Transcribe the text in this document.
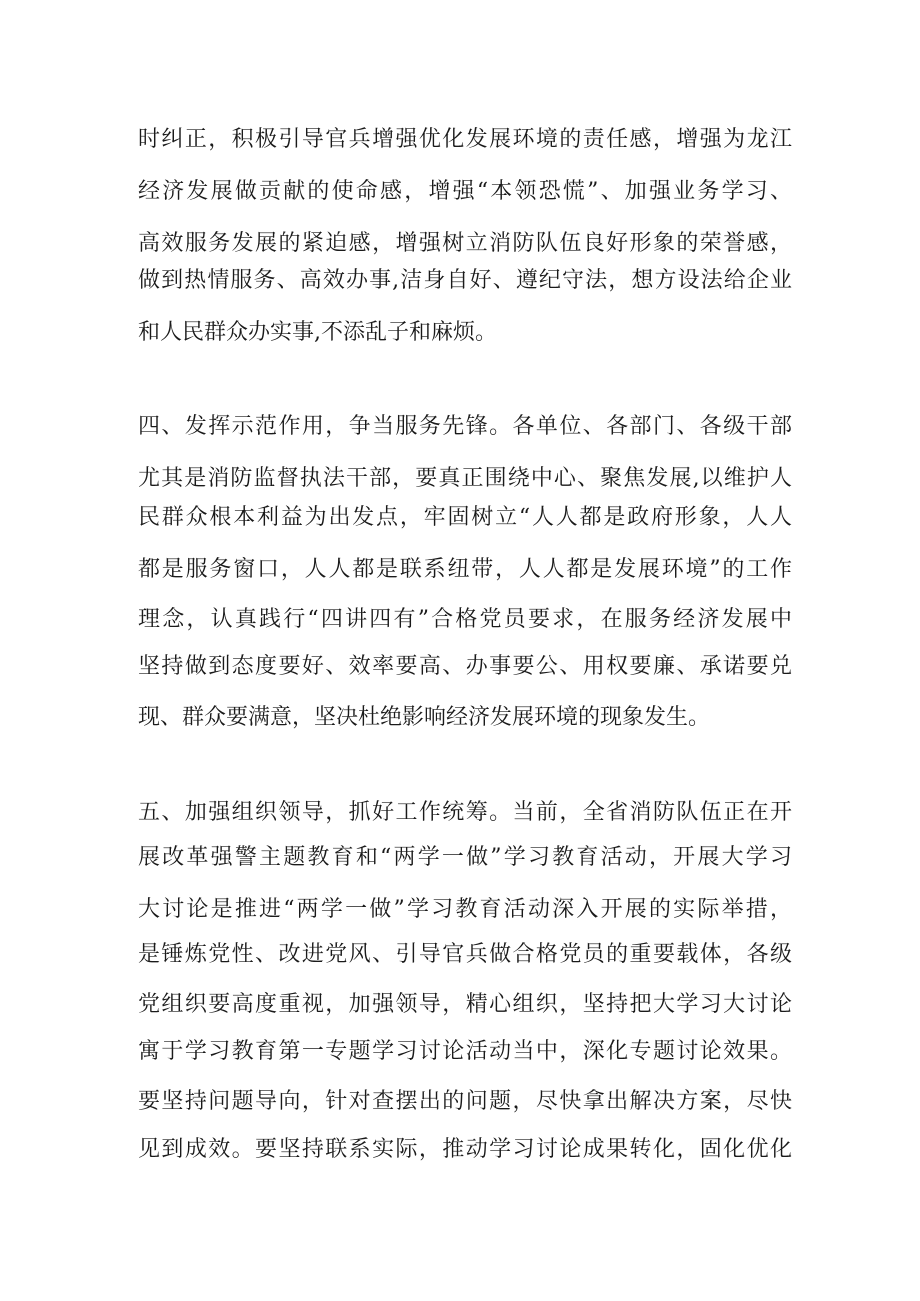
时纠正，积极引导官兵增强优化发展环境的责任感，增强为龙江
经济发展做贡献的使命感，增强“本领恐慌”、加强业务学习、
高效服务发展的紧迫感，增强树立消防队伍良好形象的荣誉感，
做到热情服务、高效办事,洁身自好、遵纪守法，想方设法给企业
和人民群众办实事,不添乱子和麻烦。
四、发挥示范作用，争当服务先锋。各单位、各部门、各级干部
尤其是消防监督执法干部，要真正围绕中心、聚焦发展,以维护人
民群众根本利益为出发点，牢固树立“人人都是政府形象，人人
都是服务窗口，人人都是联系纽带，人人都是发展环境”的工作
理念，认真践行“四讲四有”合格党员要求，在服务经济发展中
坚持做到态度要好、效率要高、办事要公、用权要廉、承诺要兑
现、群众要满意，坚决杜绝影响经济发展环境的现象发生。
五、加强组织领导，抓好工作统筹。当前，全省消防队伍正在开
展改革强警主题教育和“两学一做”学习教育活动，开展大学习
大讨论是推进“两学一做”学习教育活动深入开展的实际举措，
是锤炼党性、改进党风、引导官兵做合格党员的重要载体，各级
党组织要高度重视，加强领导，精心组织，坚持把大学习大讨论
寓于学习教育第一专题学习讨论活动当中，深化专题讨论效果。
要坚持问题导向，针对查摆出的问题，尽快拿出解决方案，尽快
见到成效。要坚持联系实际，推动学习讨论成果转化，固化优化
